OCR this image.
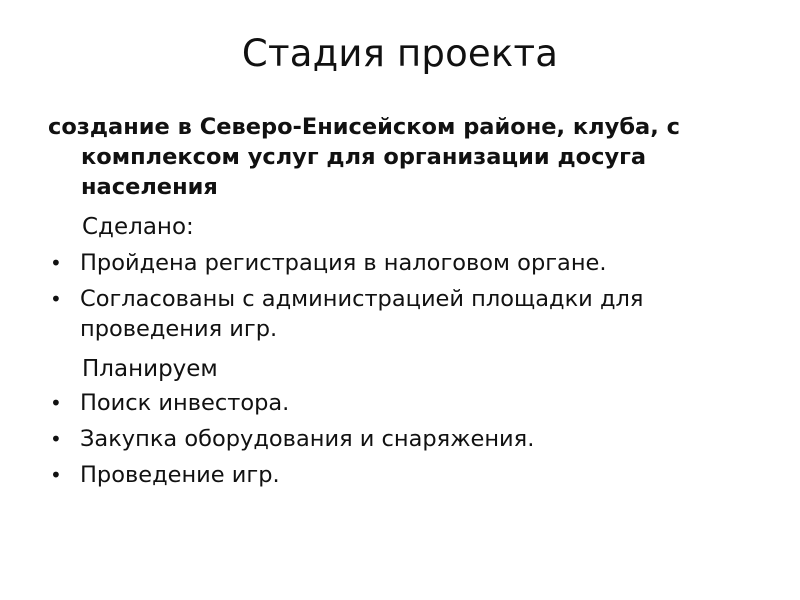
Стадия проекта

создание в Северо-Енисейском районе, клуба, с комплексом услуг для организации досуга населения

Сделано:
• Пройдена регистрация в налоговом органе.
• Согласованы с администрацией площадки для проведения игр.
Планируем
• Поиск инвестора.
• Закупка оборудования и снаряжения.
• Проведение игр.
